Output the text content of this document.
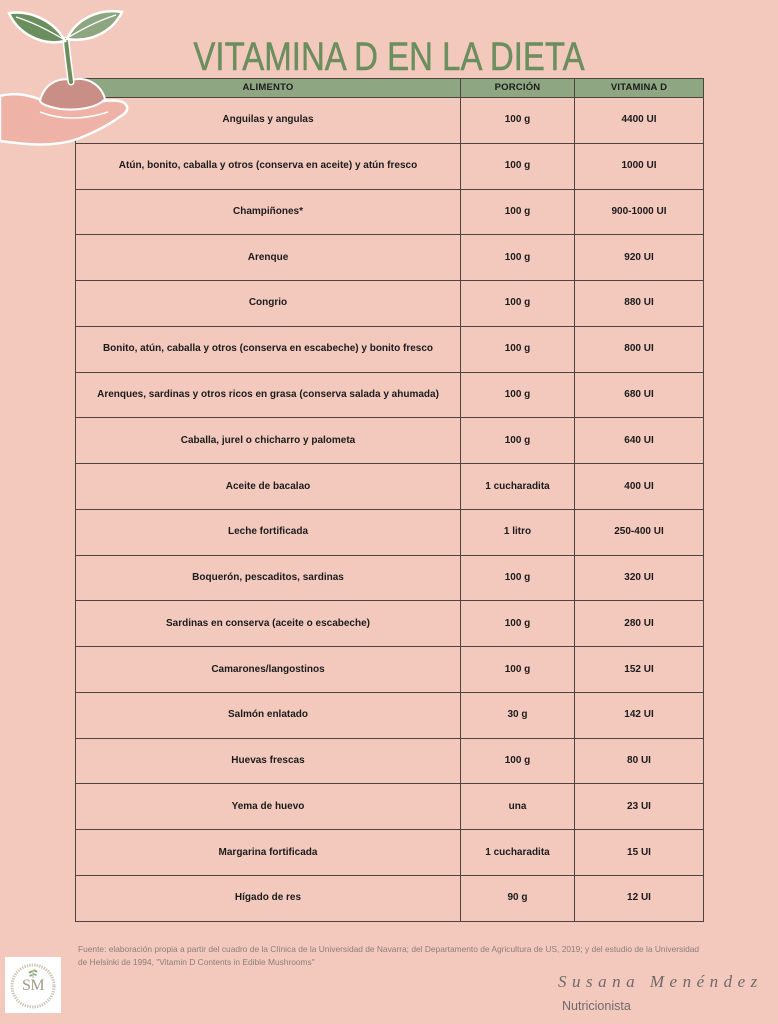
VITAMINA D EN LA DIETA
ALIMENTO	PORCIÓN	VITAMINA D
Anguilas y angulas	100 g	4400 UI
Atún, bonito, caballa y otros (conserva en aceite) y atún fresco	100 g	1000 UI
Champiñones*	100 g	900-1000 UI
Arenque	100 g	920 UI
Congrio	100 g	880 UI
Bonito, atún, caballa y otros (conserva en escabeche) y bonito fresco	100 g	800 UI
Arenques, sardinas y otros ricos en grasa (conserva salada y ahumada)	100 g	680 UI
Caballa, jurel o chicharro y palometa	100 g	640 UI
Aceite de bacalao	1 cucharadita	400 UI
Leche fortificada	1 litro	250-400 UI
Boquerón, pescaditos, sardinas	100 g	320 UI
Sardinas en conserva (aceite o escabeche)	100 g	280 UI
Camarones/langostinos	100 g	152 UI
Salmón enlatado	30 g	142 UI
Huevas frescas	100 g	80 UI
Yema de huevo	una	23 UI
Margarina fortificada	1 cucharadita	15 UI
Hígado de res	90 g	12 UI
Fuente: elaboración propia a partir del cuadro de la Clínica de la Universidad de Navarra; del Departamento de Agricultura de US, 2019; y del estudio de la Universidad de Helsinki de 1994, "Vitamin D Contents in Edible Mushrooms"
SM	Susana Menéndez
Nutricionista
